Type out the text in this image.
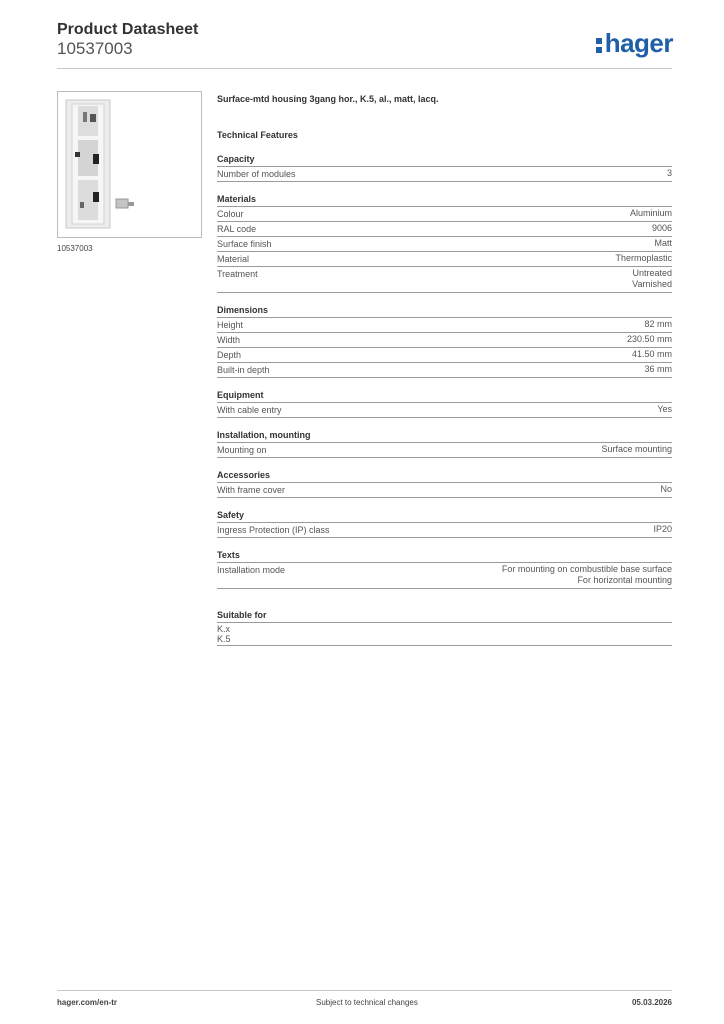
Product Datasheet
10537003	hager
10537003
Surface-mtd housing 3gang hor., K.5, al., matt, lacq.
Technical Features
Capacity
Number of modules	3
Materials
Colour	Aluminium
RAL code	9006
Surface finish	Matt
Material	Thermoplastic
Treatment	Untreated
Varnished
Dimensions
Height	82 mm
Width	230.50 mm
Depth	41.50 mm
Built-in depth	36 mm
Equipment
With cable entry	Yes
Installation, mounting
Mounting on	Surface mounting
Accessories
With frame cover	No
Safety
Ingress Protection (IP) class	IP20
Texts
Installation mode	For mounting on combustible base surface
For horizontal mounting
Suitable for
K.x
K.5
hager.com/en-tr	Subject to technical changes	05.03.2026
